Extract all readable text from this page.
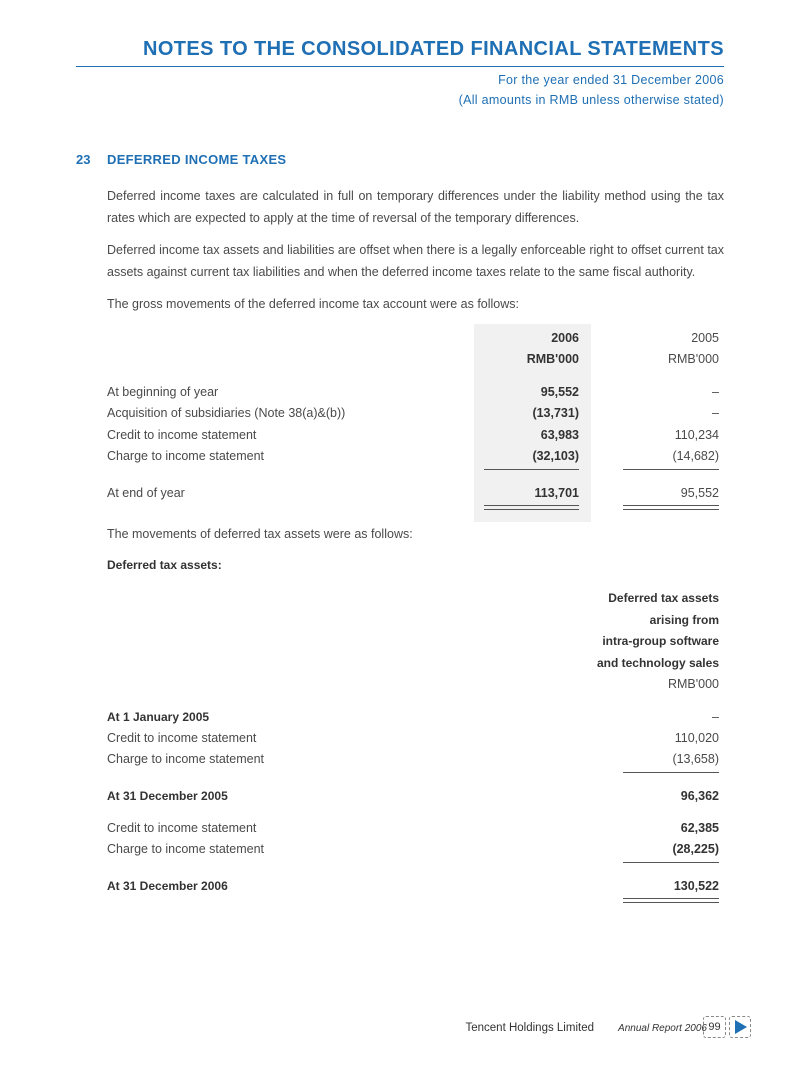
NOTES TO THE CONSOLIDATED FINANCIAL STATEMENTS
For the year ended 31 December 2006
(All amounts in RMB unless otherwise stated)
23 DEFERRED INCOME TAXES
Deferred income taxes are calculated in full on temporary differences under the liability method using the tax rates which are expected to apply at the time of reversal of the temporary differences.
Deferred income tax assets and liabilities are offset when there is a legally enforceable right to offset current tax assets against current tax liabilities and when the deferred income taxes relate to the same fiscal authority.
The gross movements of the deferred income tax account were as follows:
2006	2005
RMB'000	RMB'000
At beginning of year	95,552	–
Acquisition of subsidiaries (Note 38(a)&(b))	(13,731)	–
Credit to income statement	63,983	110,234
Charge to income statement	(32,103)	(14,682)
At end of year	113,701	95,552
The movements of deferred tax assets were as follows:
Deferred tax assets:
Deferred tax assets
arising from
intra-group software
and technology sales
RMB'000
At 1 January 2005	–
Credit to income statement	110,020
Charge to income statement	(13,658)
At 31 December 2005	96,362
Credit to income statement	62,385
Charge to income statement	(28,225)
At 31 December 2006	130,522
Tencent Holdings Limited Annual Report 2006 99
